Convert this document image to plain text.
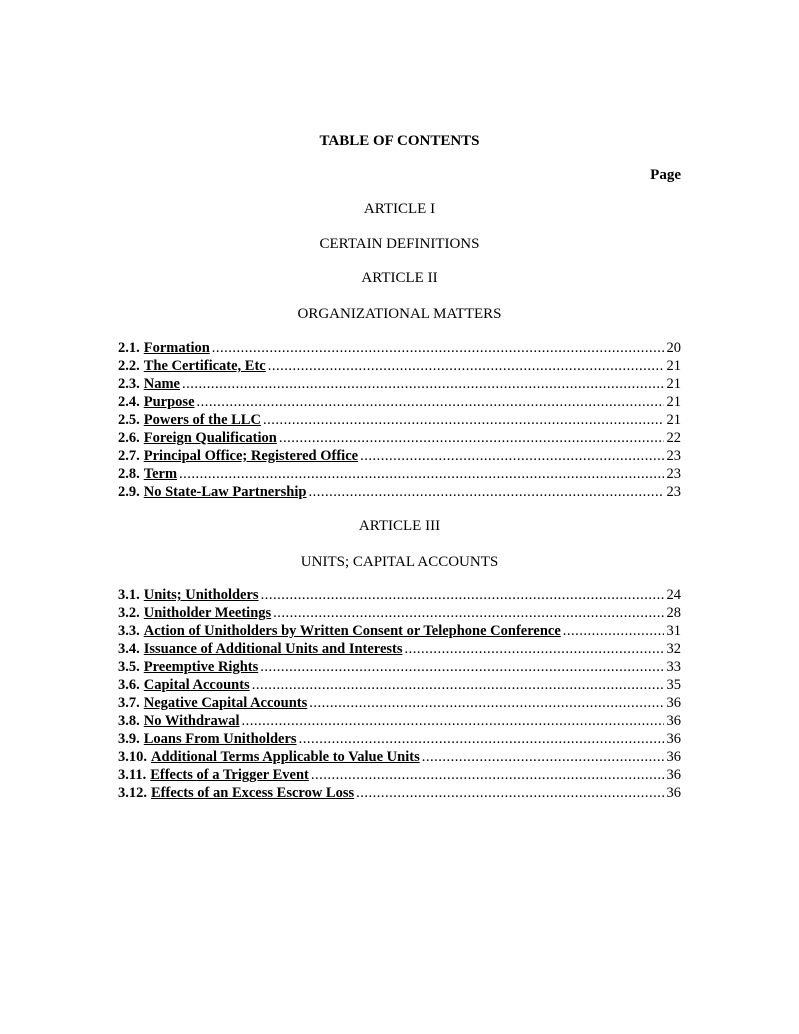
TABLE OF CONTENTS
Page
ARTICLE I
CERTAIN DEFINITIONS
ARTICLE II
ORGANIZATIONAL MATTERS
2.1. Formation .....	20
2.2. The Certificate, Etc .....	21
2.3. Name .....	21
2.4. Purpose .....	21
2.5. Powers of the LLC .....	21
2.6. Foreign Qualification .....	22
2.7. Principal Office; Registered Office .....	23
2.8. Term .....	23
2.9. No State-Law Partnership .....	23
ARTICLE III
UNITS; CAPITAL ACCOUNTS
3.1. Units; Unitholders .....	24
3.2. Unitholder Meetings .....	28
3.3. Action of Unitholders by Written Consent or Telephone Conference .....	31
3.4. Issuance of Additional Units and Interests .....	32
3.5. Preemptive Rights .....	33
3.6. Capital Accounts .....	35
3.7. Negative Capital Accounts .....	36
3.8. No Withdrawal .....	36
3.9. Loans From Unitholders .....	36
3.10. Additional Terms Applicable to Value Units .....	36
3.11. Effects of a Trigger Event .....	36
3.12. Effects of an Excess Escrow Loss .....	36
